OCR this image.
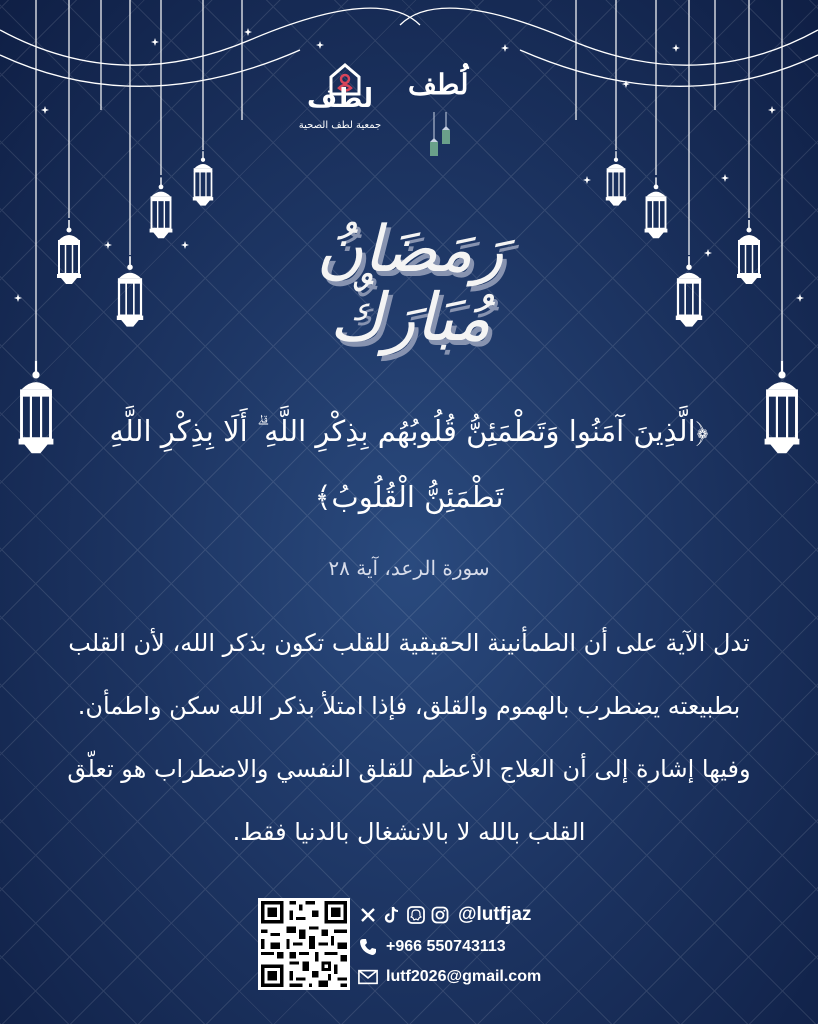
لطف
جمعية لطف الصحية
لُطف
رَمَضَانُ
مُبَارَكٌ
﴿الَّذِينَ آمَنُوا وَتَطْمَئِنُّ قُلُوبُهُم بِذِكْرِ اللَّهِ ۗ أَلَا بِذِكْرِ اللَّهِ
تَطْمَئِنُّ الْقُلُوبُ﴾
سورة الرعد، آية ٢٨
تدل الآية على أن الطمأنينة الحقيقية للقلب تكون بذكر الله، لأن القلب
بطبيعته يضطرب بالهموم والقلق، فإذا امتلأ بذكر الله سكن واطمأن.
وفيها إشارة إلى أن العلاج الأعظم للقلق النفسي والاضطراب هو تعلّق
القلب بالله لا بالانشغال بالدنيا فقط.
@lutfjaz
+966 550743113
lutf2026@gmail.com
